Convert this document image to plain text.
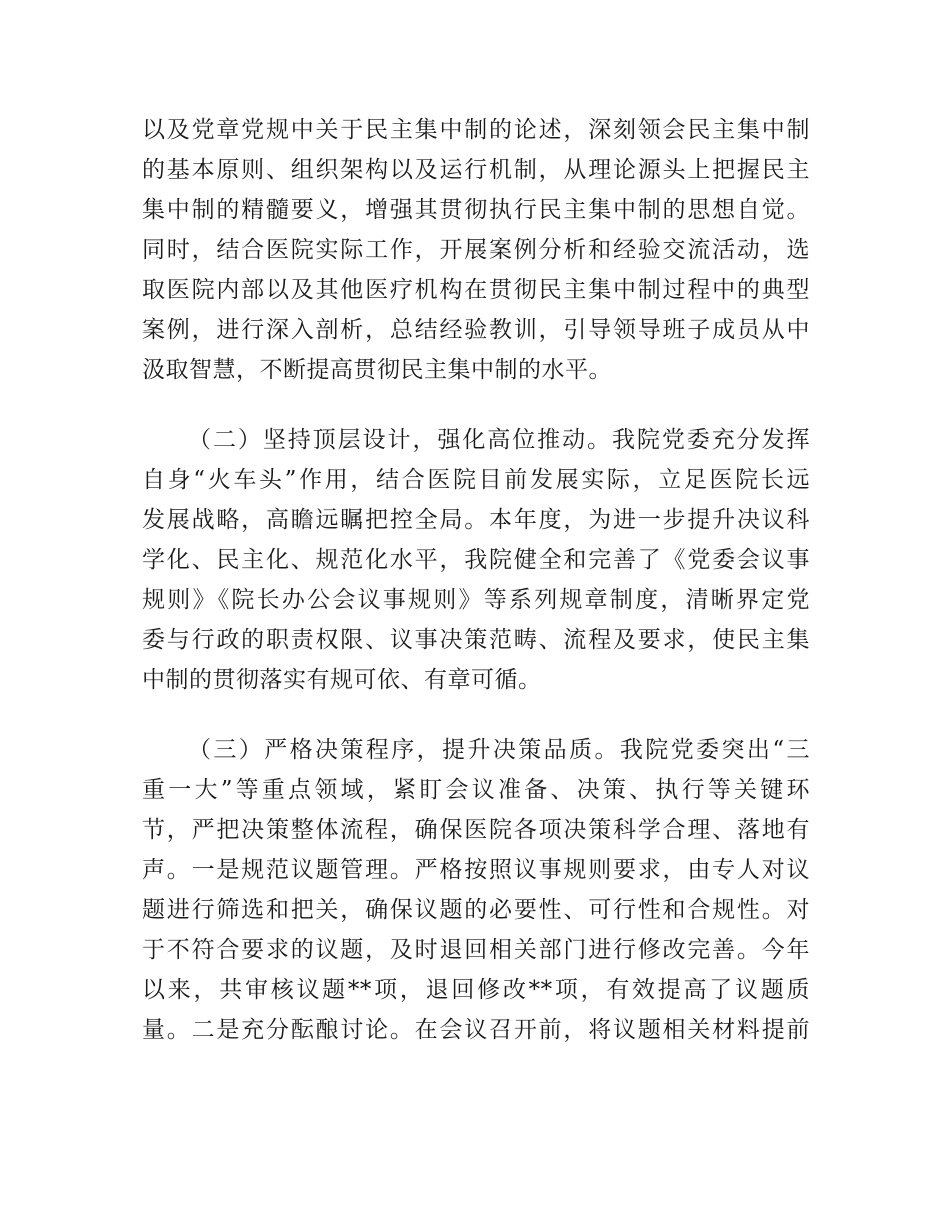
以及党章党规中关于民主集中制的论述，深刻领会民主集中制
的基本原则、组织架构以及运行机制，从理论源头上把握民主
集中制的精髓要义，增强其贯彻执行民主集中制的思想自觉。
同时，结合医院实际工作，开展案例分析和经验交流活动，选
取医院内部以及其他医疗机构在贯彻民主集中制过程中的典型
案例，进行深入剖析，总结经验教训，引导领导班子成员从中
汲取智慧，不断提高贯彻民主集中制的水平。
（二）坚持顶层设计，强化高位推动。我院党委充分发挥
自身“火车头”作用，结合医院目前发展实际，立足医院长远
发展战略，高瞻远瞩把控全局。本年度，为进一步提升决议科
学化、民主化、规范化水平，我院健全和完善了《党委会议事
规则》《院长办公会议事规则》等系列规章制度，清晰界定党
委与行政的职责权限、议事决策范畴、流程及要求，使民主集
中制的贯彻落实有规可依、有章可循。
（三）严格决策程序，提升决策品质。我院党委突出“三
重一大”等重点领域，紧盯会议准备、决策、执行等关键环
节，严把决策整体流程，确保医院各项决策科学合理、落地有
声。一是规范议题管理。严格按照议事规则要求，由专人对议
题进行筛选和把关，确保议题的必要性、可行性和合规性。对
于不符合要求的议题，及时退回相关部门进行修改完善。今年
以来，共审核议题**项，退回修改**项，有效提高了议题质
量。二是充分酝酿讨论。在会议召开前，将议题相关材料提前
